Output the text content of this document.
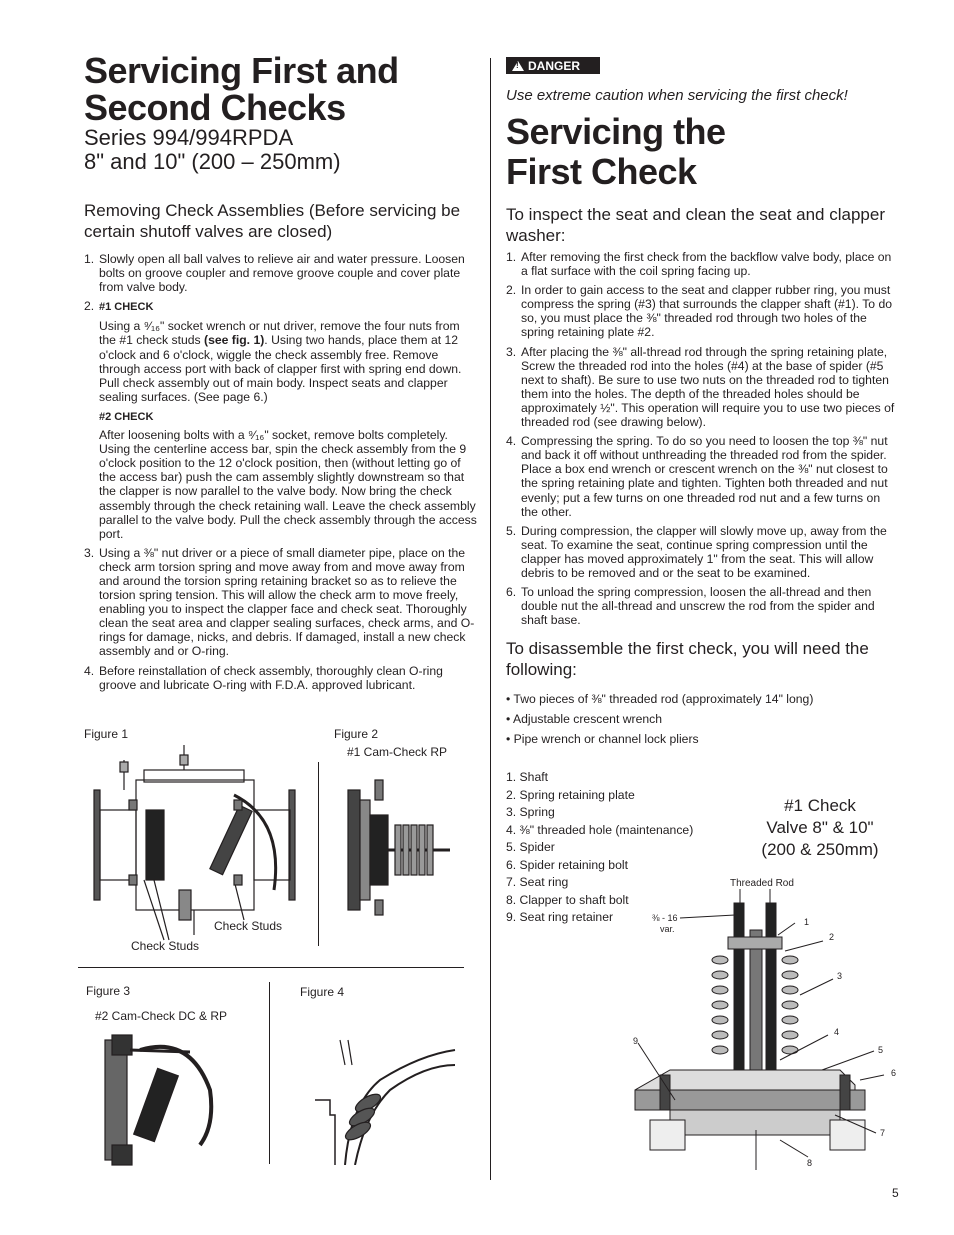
Servicing First and

Second Checks

Series 994/994RPDA

8" and 10" (200 – 250mm)

Removing Check Assemblies (Before servicing be certain shutoff valves are closed)

1. Slowly open all ball valves to relieve air and water pressure. Loosen bolts on groove coupler and remove groove couple and cover plate from valve body.
2. #1 CHECK
Using a ⁹⁄₁₆" socket wrench or nut driver, remove the four nuts from the #1 check studs (see fig. 1). Using two hands, place them at 12 o'clock and 6 o'clock, wiggle the check assembly free. Remove through access port with back of clapper first with spring end down. Pull check assembly out of main body. Inspect seats and clapper sealing surfaces. (See page 6.)
#2 CHECK
After loosening bolts with a ⁹⁄₁₆" socket, remove bolts completely. Using the centerline access bar, spin the check assembly from the 9 o'clock position to the 12 o'clock position, then (without letting go of the access bar) push the cam assembly slightly downstream so that the clapper is now parallel to the valve body. Now bring the check assembly through the check retaining wall. Leave the check assembly parallel to the valve body. Pull the check assembly through the access port.
3. Using a ⅜" nut driver or a piece of small diameter pipe, place on the check arm torsion spring and move away from and move away from and around the torsion spring retaining bracket so as to relieve the torsion spring tension. This will allow the check arm to move freely, enabling you to inspect the clapper face and check seat. Thoroughly clean the seat area and clapper sealing surfaces, check arms, and O-rings for damage, nicks, and debris. If damaged, install a new check assembly and or O-ring.
4. Before reinstallation of check assembly, thoroughly clean O-ring groove and lubricate O-ring with F.D.A. approved lubricant.
Figure 1	Figure 2
#1 Cam-Check RP
Check Studs
Check Studs
Figure 3
#2 Cam-Check DC & RP
Figure 4
!
DANGER
Use extreme caution when servicing the first check!

Servicing the

First Check

To inspect the seat and clean the seat and clapper washer:

1. After removing the first check from the backflow valve body, place on a flat surface with the coil spring facing up.
2. In order to gain access to the seat and clapper rubber ring, you must compress the spring (#3) that surrounds the clapper shaft (#1). To do so, you must place the ⅜" threaded rod through two holes of the spring retaining plate #2.
3. After placing the ⅜" all-thread rod through the spring retaining plate, Screw the threaded rod into the holes (#4) at the base of spider (#5 next to shaft). Be sure to use two nuts on the threaded rod to tighten them into the holes. The depth of the threaded holes should be approximately ½". This operation will require you to use two pieces of threaded rod (see drawing below).
4. Compressing the spring. To do so you need to loosen the top ⅜" nut and back it off without unthreading the threaded rod from the spider. Place a box end wrench or crescent wrench on the ⅜" nut closest to the spring retaining plate and tighten. Tighten both threaded and nut evenly; put a few turns on one threaded rod nut and a few turns on the other.
5. During compression, the clapper will slowly move up, away from the seat. To examine the seat, continue spring compression until the clapper has moved approximately 1" from the seat. This will allow debris to be removed and or the seat to be examined.
6. To unload the spring compression, loosen the all-thread and then double nut the all-thread and unscrew the rod from the spider and shaft base.

To disassemble the first check, you will need the following:

• Two pieces of ⅜" threaded rod (approximately 14" long)
• Adjustable crescent wrench
• Pipe wrench or channel lock pliers
1. Shaft
2. Spring retaining plate
3. Spring
4. ⅜" threaded hole (maintenance)
5. Spider
6. Spider retaining bolt
7. Seat ring
8. Clapper to shaft bolt
9. Seat ring retainer
#1 Check
Valve 8" & 10"
(200 & 250mm)
Threaded Rod
⅜ - 16
var.
1
2
3
4
5
6
7
8
9
5
